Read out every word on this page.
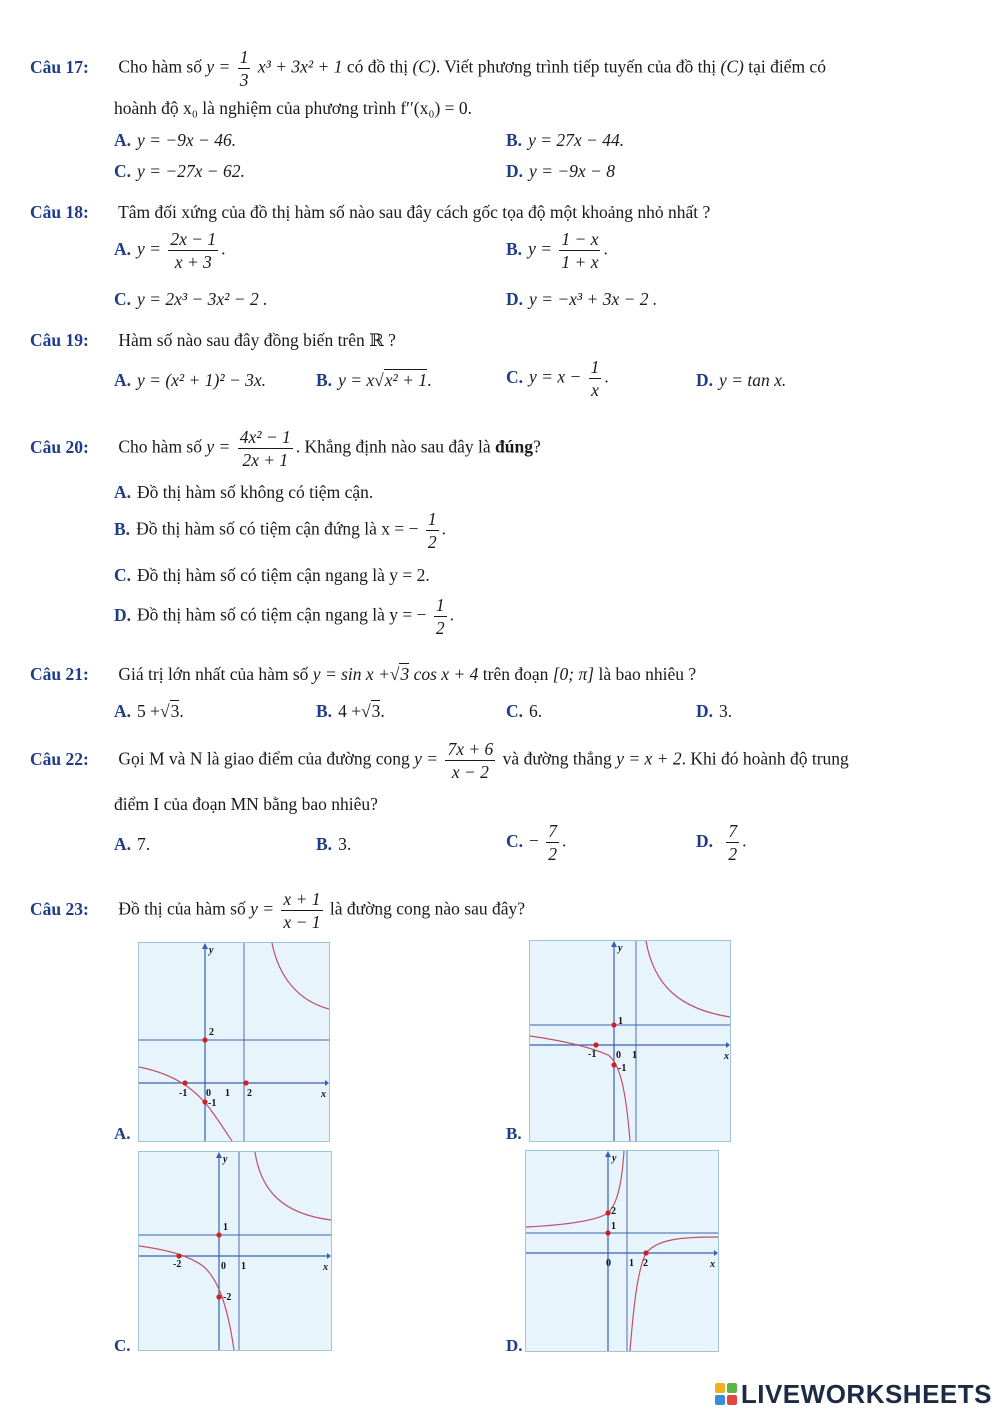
Câu 17: Cho hàm số $y = \frac{1}{3} x^3 + 3x^2 + 1$ có đồ thị (C). Viết phương trình tiếp tuyến của đồ thị (C) tại điểm có
hoành độ x₀ là nghiệm của phương trình f′′(x₀) = 0.
A. y = −9x − 46.	B. y = 27x − 44.
C. y = −27x − 62.	D. y = −9x − 8
Câu 18: Tâm đối xứng của đồ thị hàm số nào sau đây cách gốc tọa độ một khoảng nhỏ nhất ?
A. $y = \frac{2x - 1}{x + 3}$ .	B. $y = \frac{1 - x}{1 + x}$ .
C. y = 2x³ − 3x² − 2 .	D. y = −x³ + 3x − 2 .
Câu 19: Hàm số nào sau đây đồng biến trên ℝ ?
A. y = (x² + 1)² − 3x.	B. y = x√x² + 1.	C. $y = x - \frac{1}{x}$ .	D. y = tan x.
Câu 20: Cho hàm số $y = \frac{\text{4x² − 1}}{2x + 1}$ . Khẳng định nào sau đây là đúng?
A. Đồ thị hàm số không có tiệm cận.
B. Đồ thị hàm số có tiệm cận đứng là x = − $\frac{1}{2}$ .
C. Đồ thị hàm số có tiệm cận ngang là y = 2.
D. Đồ thị hàm số có tiệm cận ngang là y = − $\frac{1}{2}$ .
Câu 21: Giá trị lớn nhất của hàm số y = sin x +√3 cos x + 4 trên đoạn [0; π] là bao nhiêu ?
A. 5 +√3.	B. 4 +√3.	C. 6.	D. 3.
Câu 22: Gọi M và N là giao điểm của đường cong $y = \frac{7x + 6}{x - 2}$ và đường thẳng y = x + 2. Khi đó hoành độ trung
điểm I của đoạn MN bằng bao nhiêu?
A. 7.	B. 3.	C. − $\frac{7}{2}$ .	D. $\frac{7}{2}$ .
Câu 23: Đồ thị của hàm số $y = \frac{x + 1}{x - 1}$ là đường cong nào sau đây?
A.
y
x
2
-1 0 1 2
-1
B.
y
x
1
-1 0 1
-1
C.
y
x
1
-2	0 1
-2
D.
y
x
2
1
0 1 2
LIVEWORKSHEETS
